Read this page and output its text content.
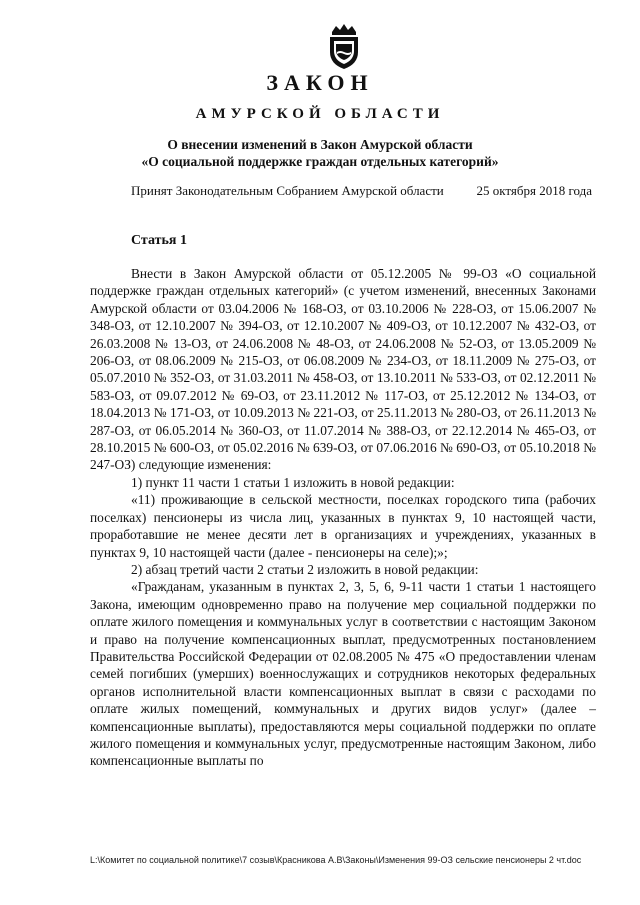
ЗАКОН
АМУРСКОЙ ОБЛАСТИ
О внесении изменений в Закон Амурской области
«О социальной поддержке граждан отдельных категорий»
Принят Законодательным Собранием Амурской области	25 октября 2018 года
Статья 1

Внести в Закон Амурской области от 05.12.2005 № 99-ОЗ «О социальной поддержке граждан отдельных категорий» (с учетом изменений, внесенных Законами Амурской области от 03.04.2006 № 168-ОЗ, от 03.10.2006 № 228-ОЗ, от 15.06.2007 № 348-ОЗ, от 12.10.2007 № 394-ОЗ, от 12.10.2007 № 409-ОЗ, от 10.12.2007 № 432-ОЗ, от 26.03.2008 № 13-ОЗ, от 24.06.2008 № 48-ОЗ, от 24.06.2008 № 52-ОЗ, от 13.05.2009 № 206-ОЗ, от 08.06.2009 № 215-ОЗ, от 06.08.2009 № 234-ОЗ, от 18.11.2009 № 275-ОЗ, от 05.07.2010 № 352-ОЗ, от 31.03.2011 № 458-ОЗ, от 13.10.2011 № 533-ОЗ, от 02.12.2011 № 583-ОЗ, от 09.07.2012 № 69-ОЗ, от 23.11.2012 № 117-ОЗ, от 25.12.2012 № 134-ОЗ, от 18.04.2013 № 171-ОЗ, от 10.09.2013 № 221-ОЗ, от 25.11.2013 № 280-ОЗ, от 26.11.2013 № 287-ОЗ, от 06.05.2014 № 360-ОЗ, от 11.07.2014 № 388-ОЗ, от 22.12.2014 № 465-ОЗ, от 28.10.2015 № 600-ОЗ, от 05.02.2016 № 639-ОЗ, от 07.06.2016 № 690-ОЗ, от 05.10.2018 № 247-ОЗ) следующие изменения:

1) пункт 11 части 1 статьи 1 изложить в новой редакции:

«11) проживающие в сельской местности, поселках городского типа (рабочих поселках) пенсионеры из числа лиц, указанных в пунктах 9, 10 настоящей части, проработавшие не менее десяти лет в организациях и учреждениях, указанных в пунктах 9, 10 настоящей части (далее - пенсионеры на селе);»;

2) абзац третий части 2 статьи 2 изложить в новой редакции:

«Гражданам, указанным в пунктах 2, 3, 5, 6, 9-11 части 1 статьи 1 настоящего Закона, имеющим одновременно право на получение мер социальной поддержки по оплате жилого помещения и коммунальных услуг в соответствии с настоящим Законом и право на получение компенсационных выплат, предусмотренных постановлением Правительства Российской Федерации от 02.08.2005 № 475 «О предоставлении членам семей погибших (умерших) военнослужащих и сотрудников некоторых федеральных органов исполнительной власти компенсационных выплат в связи с расходами по оплате жилых помещений, коммунальных и других видов услуг» (далее – компенсационные выплаты), предоставляются меры социальной поддержки по оплате жилого помещения и коммунальных услуг, предусмотренные настоящим Законом, либо компенсационные выплаты по

L:\Комитет по социальной политике\7 созыв\Красникова А.В\Законы\Изменения 99-ОЗ сельские пенсионеры 2 чт.doc
